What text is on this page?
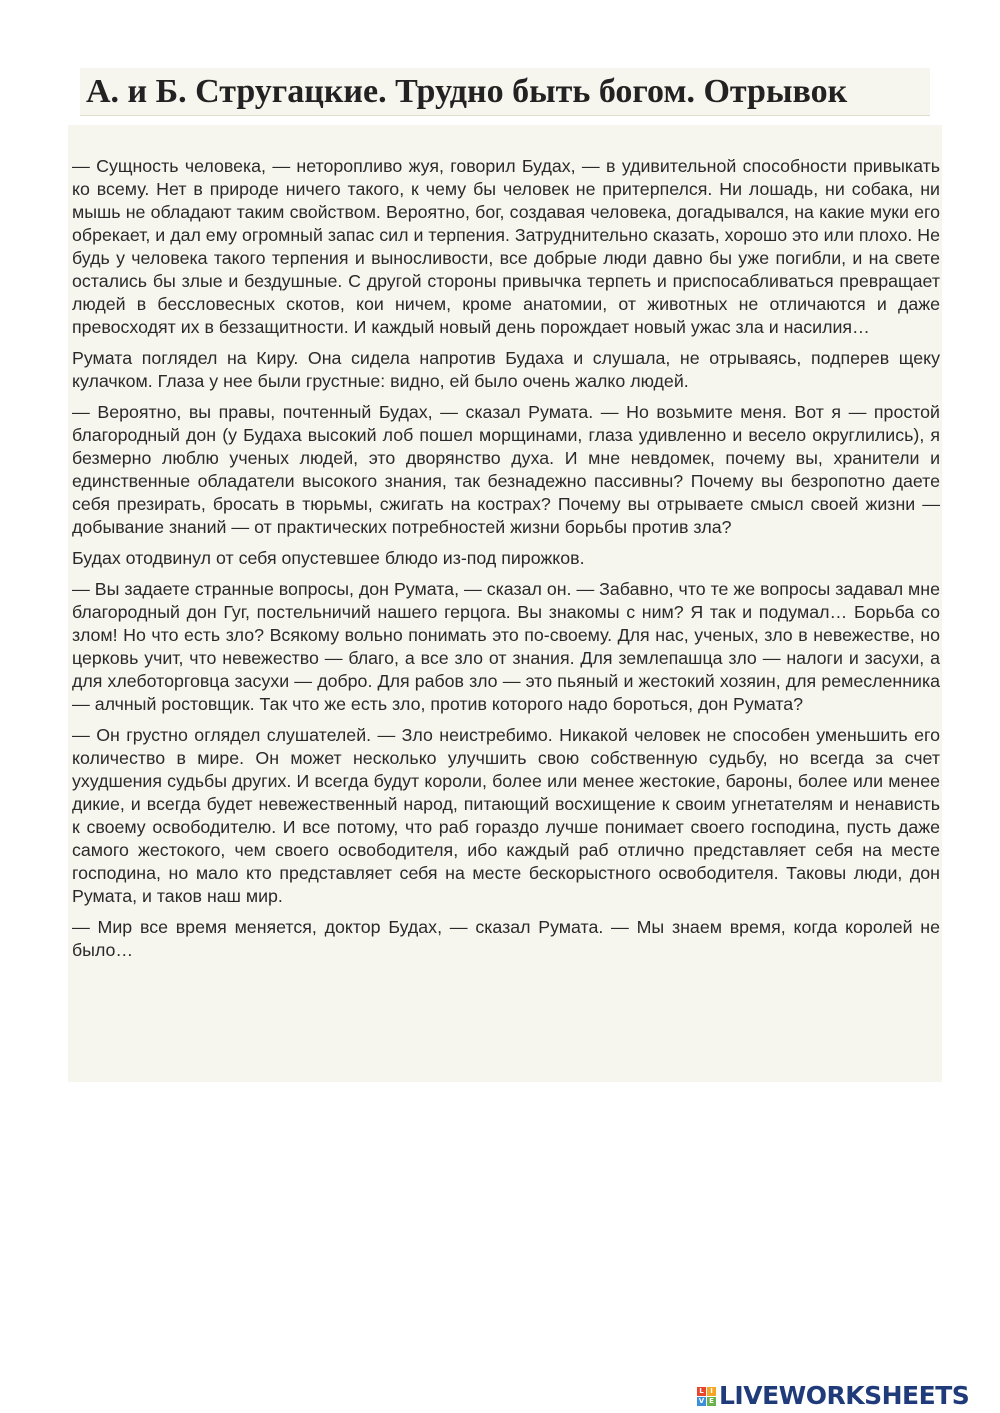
А. и Б. Стругацкие. Трудно быть богом. Отрывок

— Сущность человека, — неторопливо жуя, говорил Будах, — в удивительной способности привыкать ко всему. Нет в природе ничего такого, к чему бы человек не притерпелся. Ни лошадь, ни собака, ни мышь не обладают таким свойством. Вероятно, бог, создавая человека, догадывался, на какие муки его обрекает, и дал ему огромный запас сил и терпения. Затруднительно сказать, хорошо это или плохо. Не будь у человека такого терпения и выносливости, все добрые люди давно бы уже погибли, и на свете остались бы злые и бездушные. С другой стороны привычка терпеть и приспосабливаться превращает людей в бессловесных скотов, кои ничем, кроме анатомии, от животных не отличаются и даже превосходят их в беззащитности. И каждый новый день порождает новый ужас зла и насилия…

Румата поглядел на Киру. Она сидела напротив Будаха и слушала, не отрываясь, подперев щеку кулачком. Глаза у нее были грустные: видно, ей было очень жалко людей.

— Вероятно, вы правы, почтенный Будах, — сказал Румата. — Но возьмите меня. Вот я — простой благородный дон (у Будаха высокий лоб пошел морщинами, глаза удивленно и весело округлились), я безмерно люблю ученых людей, это дворянство духа. И мне невдомек, почему вы, хранители и единственные обладатели высокого знания, так безнадежно пассивны? Почему вы безропотно даете себя презирать, бросать в тюрьмы, сжигать на кострах? Почему вы отрываете смысл своей жизни — добывание знаний — от практических потребностей жизни борьбы против зла?

Будах отодвинул от себя опустевшее блюдо из-под пирожков.

— Вы задаете странные вопросы, дон Румата, — сказал он. — Забавно, что те же вопросы задавал мне благородный дон Гуг, постельничий нашего герцога. Вы знакомы с ним? Я так и подумал… Борьба со злом! Но что есть зло? Всякому вольно понимать это по-своему. Для нас, ученых, зло в невежестве, но церковь учит, что невежество — благо, а все зло от знания. Для землепашца зло — налоги и засухи, а для хлеботорговца засухи — добро. Для рабов зло — это пьяный и жестокий хозяин, для ремесленника — алчный ростовщик. Так что же есть зло, против которого надо бороться, дон Румата?

— Он грустно оглядел слушателей. — Зло неистребимо. Никакой человек не способен уменьшить его количество в мире. Он может несколько улучшить свою собственную судьбу, но всегда за счет ухудшения судьбы других. И всегда будут короли, более или менее жестокие, бароны, более или менее дикие, и всегда будет невежественный народ, питающий восхищение к своим угнетателям и ненависть к своему освободителю. И все потому, что раб гораздо лучше понимает своего господина, пусть даже самого жестокого, чем своего освободителя, ибо каждый раб отлично представляет себя на месте господина, но мало кто представляет себя на месте бескорыстного освободителя. Таковы люди, дон Румата, и таков наш мир.

— Мир все время меняется, доктор Будах, — сказал Румата. — Мы знаем время, когда королей не было…

L I
V E LIVEWORKSHEETS
